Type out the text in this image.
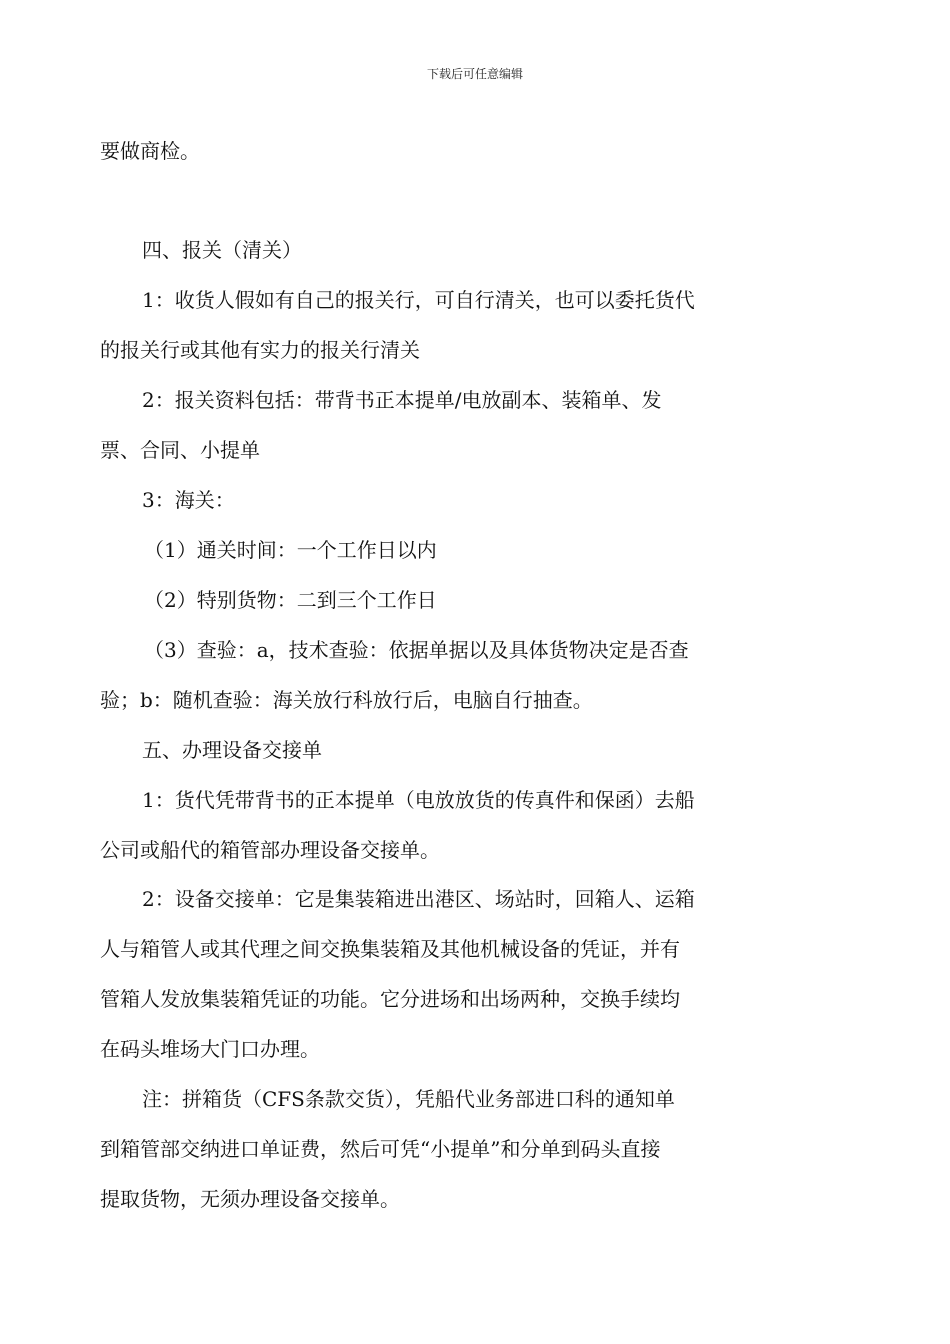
下载后可任意编辑
要做商检。
四、报关（清关）
1：收货人假如有自己的报关行，可自行清关，也可以委托货代
的报关行或其他有实力的报关行清关
2：报关资料包括：带背书正本提单/电放副本、装箱单、发
票、合同、小提单
3：海关：
（1）通关时间：一个工作日以内
（2）特别货物：二到三个工作日
（3）查验：a，技术查验：依据单据以及具体货物决定是否查
验；b：随机查验：海关放行科放行后，电脑自行抽查。
五、办理设备交接单
1：货代凭带背书的正本提单（电放放货的传真件和保函）去船
公司或船代的箱管部办理设备交接单。
2：设备交接单：它是集装箱进出港区、场站时，回箱人、运箱
人与箱管人或其代理之间交换集装箱及其他机械设备的凭证，并有
管箱人发放集装箱凭证的功能。它分进场和出场两种，交换手续均
在码头堆场大门口办理。
注：拼箱货（CFS条款交货），凭船代业务部进口科的通知单
到箱管部交纳进口单证费，然后可凭“小提单”和分单到码头直接
提取货物，无须办理设备交接单。
